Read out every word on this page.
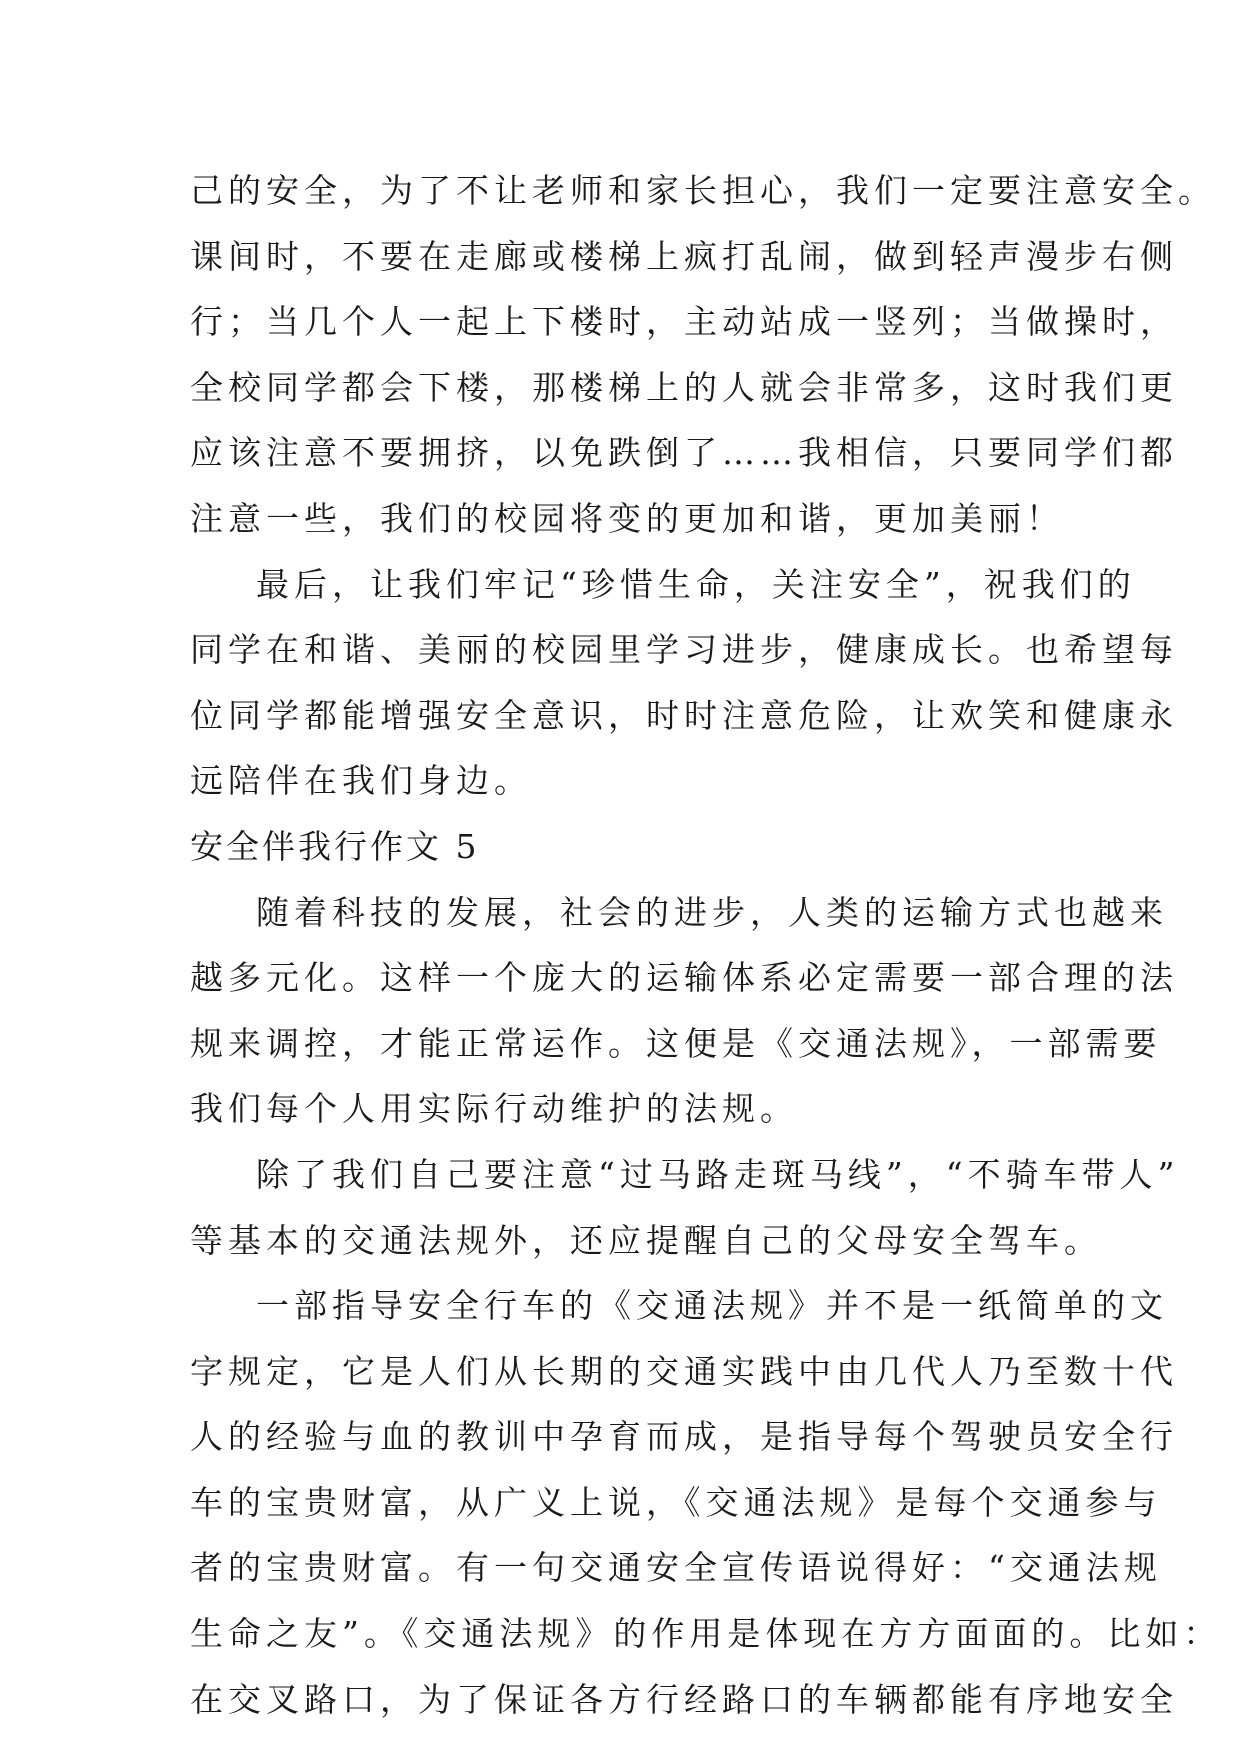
己的安全，为了不让老师和家长担心，我们一定要注意安全。
课间时，不要在走廊或楼梯上疯打乱闹，做到轻声漫步右侧
行；当几个人一起上下楼时，主动站成一竖列；当做操时，
全校同学都会下楼，那楼梯上的人就会非常多，这时我们更
应该注意不要拥挤，以免跌倒了……我相信，只要同学们都
注意一些，我们的校园将变的更加和谐，更加美丽！
最后，让我们牢记“珍惜生命，关注安全”，祝我们的
同学在和谐、美丽的校园里学习进步，健康成长。也希望每
位同学都能增强安全意识，时时注意危险，让欢笑和健康永
远陪伴在我们身边。
安全伴我行作文 5
随着科技的发展，社会的进步，人类的运输方式也越来
越多元化。这样一个庞大的运输体系必定需要一部合理的法
规来调控，才能正常运作。这便是《交通法规》，一部需要
我们每个人用实际行动维护的法规。
除了我们自己要注意“过马路走斑马线”，“不骑车带人”
等基本的交通法规外，还应提醒自己的父母安全驾车。
一部指导安全行车的《交通法规》并不是一纸简单的文
字规定，它是人们从长期的交通实践中由几代人乃至数十代
人的经验与血的教训中孕育而成，是指导每个驾驶员安全行
车的宝贵财富，从广义上说，《交通法规》是每个交通参与
者的宝贵财富。有一句交通安全宣传语说得好：“交通法规
生命之友”。《交通法规》的作用是体现在方方面面的。比如：
在交叉路口，为了保证各方行经路口的车辆都能有序地安全
